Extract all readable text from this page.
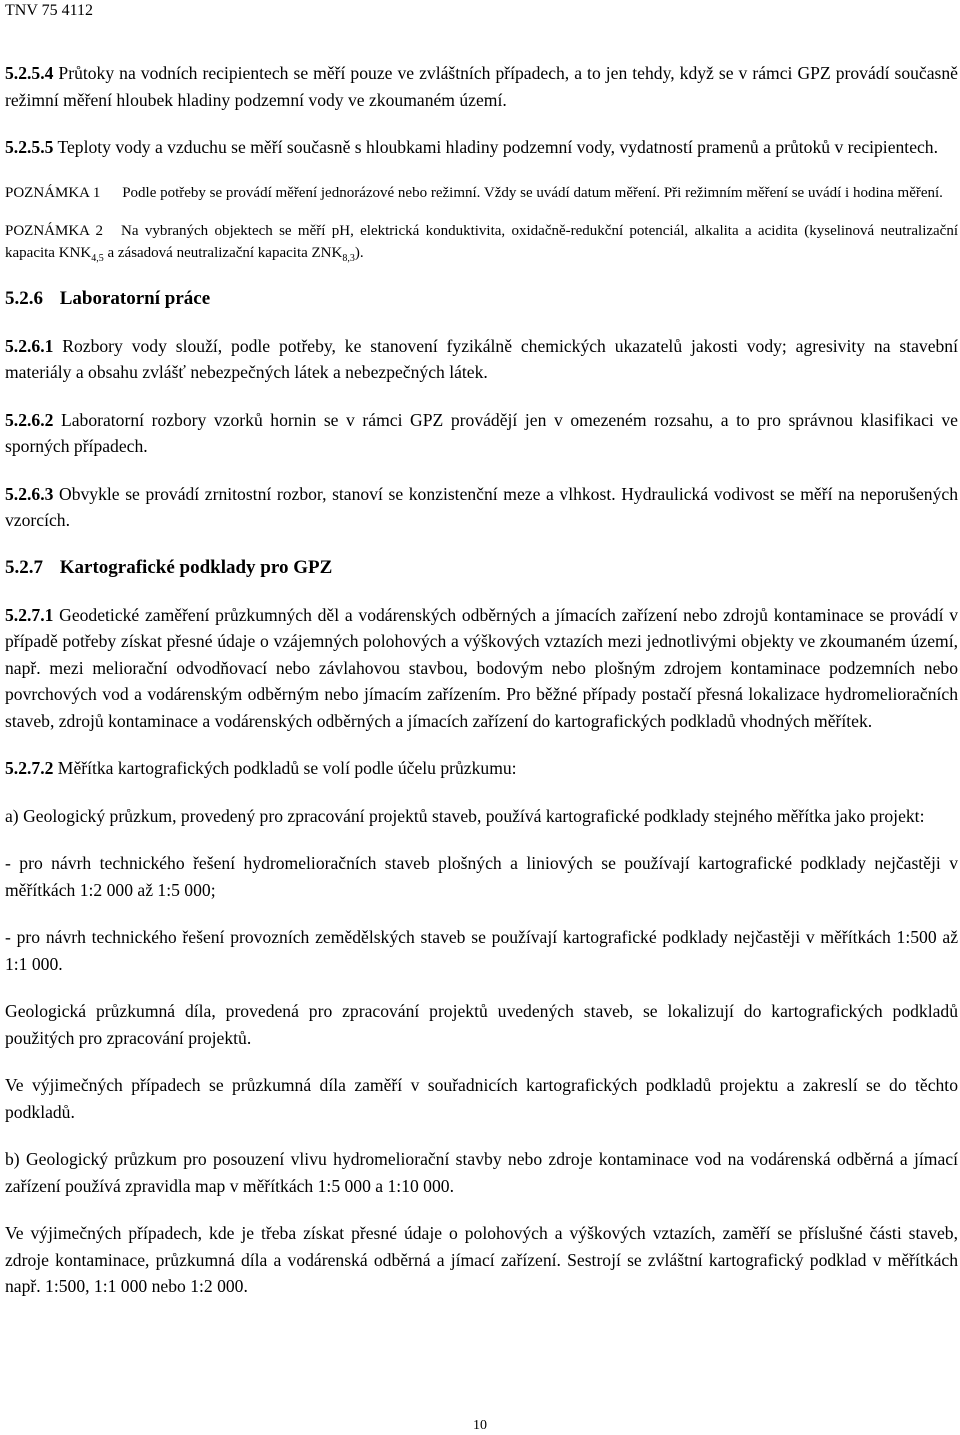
TNV 75 4112

5.2.5.4 Průtoky na vodních recipientech se měří pouze ve zvláštních případech, a to jen tehdy, když se v rámci GPZ provádí současně režimní měření hloubek hladiny podzemní vody ve zkoumaném území.

5.2.5.5 Teploty vody a vzduchu se měří současně s hloubkami hladiny podzemní vody, vydatností pramenů a průtoků v recipientech.

POZNÁMKA 1 Podle potřeby se provádí měření jednorázové nebo režimní. Vždy se uvádí datum měření. Při režimním měření se uvádí i hodina měření.

POZNÁMKA 2 Na vybraných objektech se měří pH, elektrická konduktivita, oxidačně-redukční potenciál, alkalita a acidita (kyselinová neutralizační kapacita $KNK_{4,5}$ a zásadová neutralizační kapacita $ZNK_{8,3}$).

5.2.6 Laboratorní práce

5.2.6.1 Rozbory vody slouží, podle potřeby, ke stanovení fyzikálně chemických ukazatelů jakosti vody; agresivity na stavební materiály a obsahu zvlášť nebezpečných látek a nebezpečných látek.

5.2.6.2 Laboratorní rozbory vzorků hornin se v rámci GPZ provádějí jen v omezeném rozsahu, a to pro správnou klasifikaci ve sporných případech.

5.2.6.3 Obvykle se provádí zrnitostní rozbor, stanoví se konzistenční meze a vlhkost. Hydraulická vodivost se měří na neporušených vzorcích.

5.2.7 Kartografické podklady pro GPZ

5.2.7.1 Geodetické zaměření průzkumných děl a vodárenských odběrných a jímacích zařízení nebo zdrojů kontaminace se provádí v případě potřeby získat přesné údaje o vzájemných polohových a výškových vztazích mezi jednotlivými objekty ve zkoumaném území, např. mezi meliorační odvodňovací nebo závlahovou stavbou, bodovým nebo plošným zdrojem kontaminace podzemních nebo povrchových vod a vodárenským odběrným nebo jímacím zařízením. Pro běžné případy postačí přesná lokalizace hydromelioračních staveb, zdrojů kontaminace a vodárenských odběrných a jímacích zařízení do kartografických podkladů vhodných měřítek.

5.2.7.2 Měřítka kartografických podkladů se volí podle účelu průzkumu:

a) Geologický průzkum, provedený pro zpracování projektů staveb, používá kartografické podklady stejného měřítka jako projekt:

- pro návrh technického řešení hydromelioračních staveb plošných a liniových se používají kartografické podklady nejčastěji v měřítkách 1:2 000 až 1:5 000;

- pro návrh technického řešení provozních zemědělských staveb se používají kartografické podklady nejčastěji v měřítkách 1:500 až 1:1 000.

Geologická průzkumná díla, provedená pro zpracování projektů uvedených staveb, se lokalizují do kartografických podkladů použitých pro zpracování projektů.

Ve výjimečných případech se průzkumná díla zaměří v souřadnicích kartografických podkladů projektu a zakreslí se do těchto podkladů.

b) Geologický průzkum pro posouzení vlivu hydromeliorační stavby nebo zdroje kontaminace vod na vodárenská odběrná a jímací zařízení používá zpravidla map v měřítkách 1:5 000 a 1:10 000.

Ve výjimečných případech, kde je třeba získat přesné údaje o polohových a výškových vztazích, zaměří se příslušné části staveb, zdroje kontaminace, průzkumná díla a vodárenská odběrná a jímací zařízení. Sestrojí se zvláštní kartografický podklad v měřítkách např. 1:500, 1:1 000 nebo 1:2 000.

10
